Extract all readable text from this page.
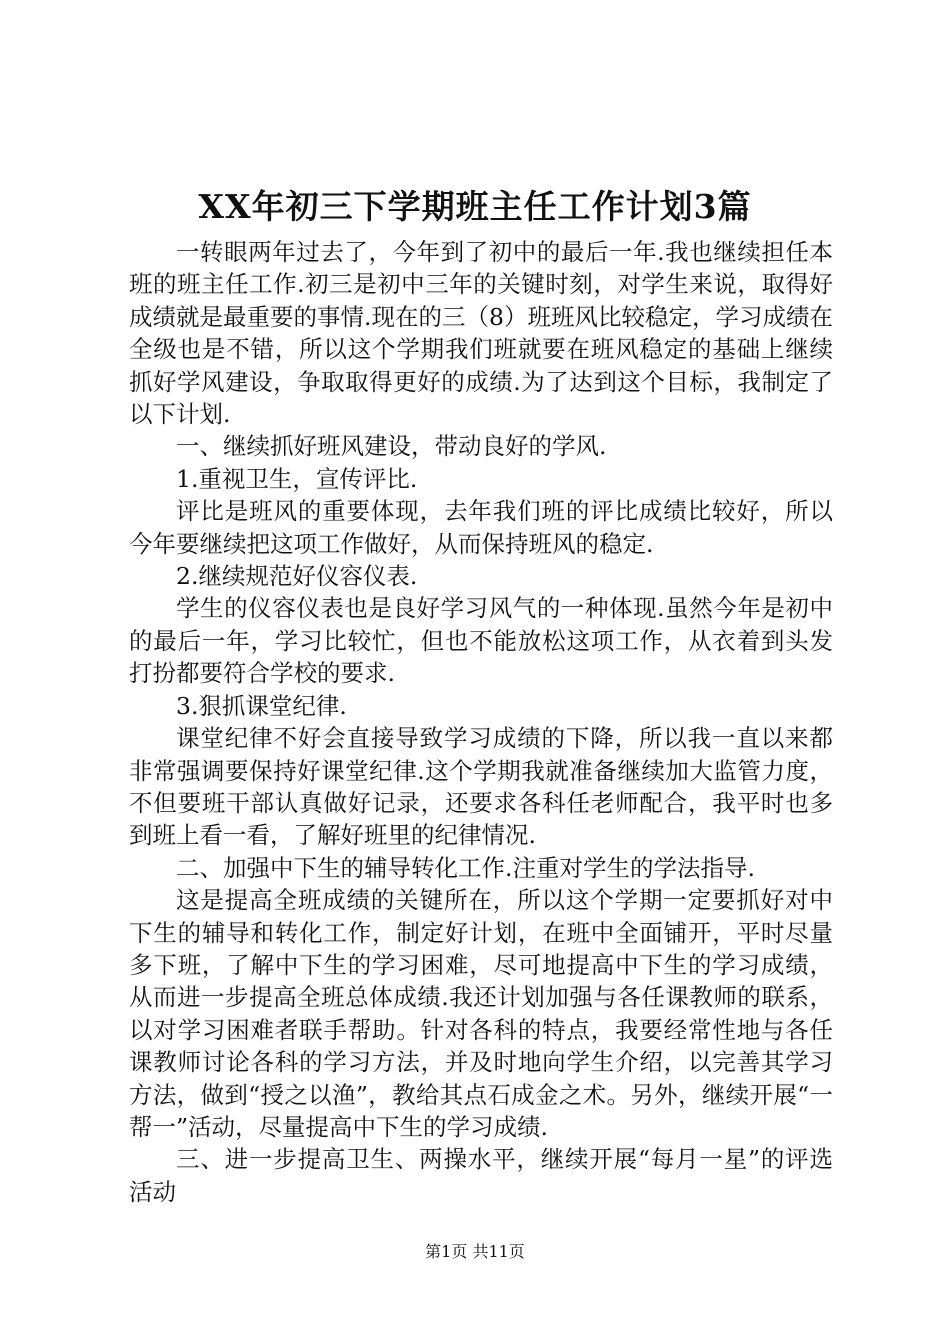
XX年初三下学期班主任工作计划3篇

一转眼两年过去了，今年到了初中的最后一年.我也继续担任本班的班主任工作.初三是初中三年的关键时刻，对学生来说，取得好成绩就是最重要的事情.现在的三（8）班班风比较稳定，学习成绩在全级也是不错，所以这个学期我们班就要在班风稳定的基础上继续抓好学风建设，争取取得更好的成绩.为了达到这个目标，我制定了以下计划.

一、继续抓好班风建设，带动良好的学风.

1.重视卫生，宣传评比.

评比是班风的重要体现，去年我们班的评比成绩比较好，所以今年要继续把这项工作做好，从而保持班风的稳定.

2.继续规范好仪容仪表.

学生的仪容仪表也是良好学习风气的一种体现.虽然今年是初中的最后一年，学习比较忙，但也不能放松这项工作，从衣着到头发打扮都要符合学校的要求.

3.狠抓课堂纪律.

课堂纪律不好会直接导致学习成绩的下降，所以我一直以来都非常强调要保持好课堂纪律.这个学期我就准备继续加大监管力度，不但要班干部认真做好记录，还要求各科任老师配合，我平时也多到班上看一看，了解好班里的纪律情况.

二、加强中下生的辅导转化工作.注重对学生的学法指导.

这是提高全班成绩的关键所在，所以这个学期一定要抓好对中下生的辅导和转化工作，制定好计划，在班中全面铺开，平时尽量多下班，了解中下生的学习困难，尽可地提高中下生的学习成绩，从而进一步提高全班总体成绩.我还计划加强与各任课教师的联系，以对学习困难者联手帮助。针对各科的特点，我要经常性地与各任课教师讨论各科的学习方法，并及时地向学生介绍，以完善其学习方法，做到“授之以渔”，教给其点石成金之术。另外，继续开展“一帮一”活动，尽量提高中下生的学习成绩.

三、进一步提高卫生、两操水平，继续开展“每月一星”的评选活动

第1页 共11页
